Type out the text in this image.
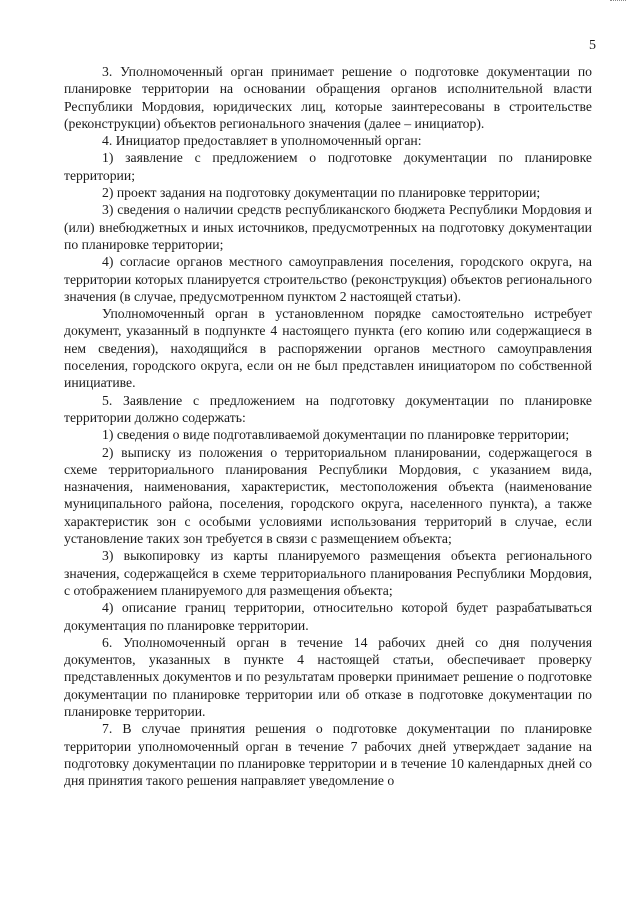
5

3. Уполномоченный орган принимает решение о подготовке документации по планировке территории на основании обращения органов исполнительной власти Республики Мордовия, юридических лиц, которые заинтересованы в строительстве (реконструкции) объектов регионального значения (далее – инициатор).

4. Инициатор предоставляет в уполномоченный орган:

1) заявление с предложением о подготовке документации по планировке территории;

2) проект задания на подготовку документации по планировке территории;

3) сведения о наличии средств республиканского бюджета Республики Мордовия и (или) внебюджетных и иных источников, предусмотренных на подготовку документации по планировке территории;

4) согласие органов местного самоуправления поселения, городского округа, на территории которых планируется строительство (реконструкция) объектов регионального значения (в случае, предусмотренном пунктом 2 настоящей статьи).

Уполномоченный орган в установленном порядке самостоятельно истребует документ, указанный в подпункте 4 настоящего пункта (его копию или содержащиеся в нем сведения), находящийся в распоряжении органов местного самоуправления поселения, городского округа, если он не был представлен инициатором по собственной инициативе.

5. Заявление с предложением на подготовку документации по планировке территории должно содержать:

1) сведения о виде подготавливаемой документации по планировке территории;

2) выписку из положения о территориальном планировании, содержащегося в схеме территориального планирования Республики Мордовия, с указанием вида, назначения, наименования, характеристик, местоположения объекта (наименование муниципального района, поселения, городского округа, населенного пункта), а также характеристик зон с особыми условиями использования территорий в случае, если установление таких зон требуется в связи с размещением объекта;

3) выкопировку из карты планируемого размещения объекта регионального значения, содержащейся в схеме территориального планирования Республики Мордовия, с отображением планируемого для размещения объекта;

4) описание границ территории, относительно которой будет разрабатываться документация по планировке территории.

6. Уполномоченный орган в течение 14 рабочих дней со дня получения документов, указанных в пункте 4 настоящей статьи, обеспечивает проверку представленных документов и по результатам проверки принимает решение о подготовке документации по планировке территории или об отказе в подготовке документации по планировке территории.

7. В случае принятия решения о подготовке документации по планировке территории уполномоченный орган в течение 7 рабочих дней утверждает задание на подготовку документации по планировке территории и в течение 10 календарных дней со дня принятия такого решения направляет уведомление о
